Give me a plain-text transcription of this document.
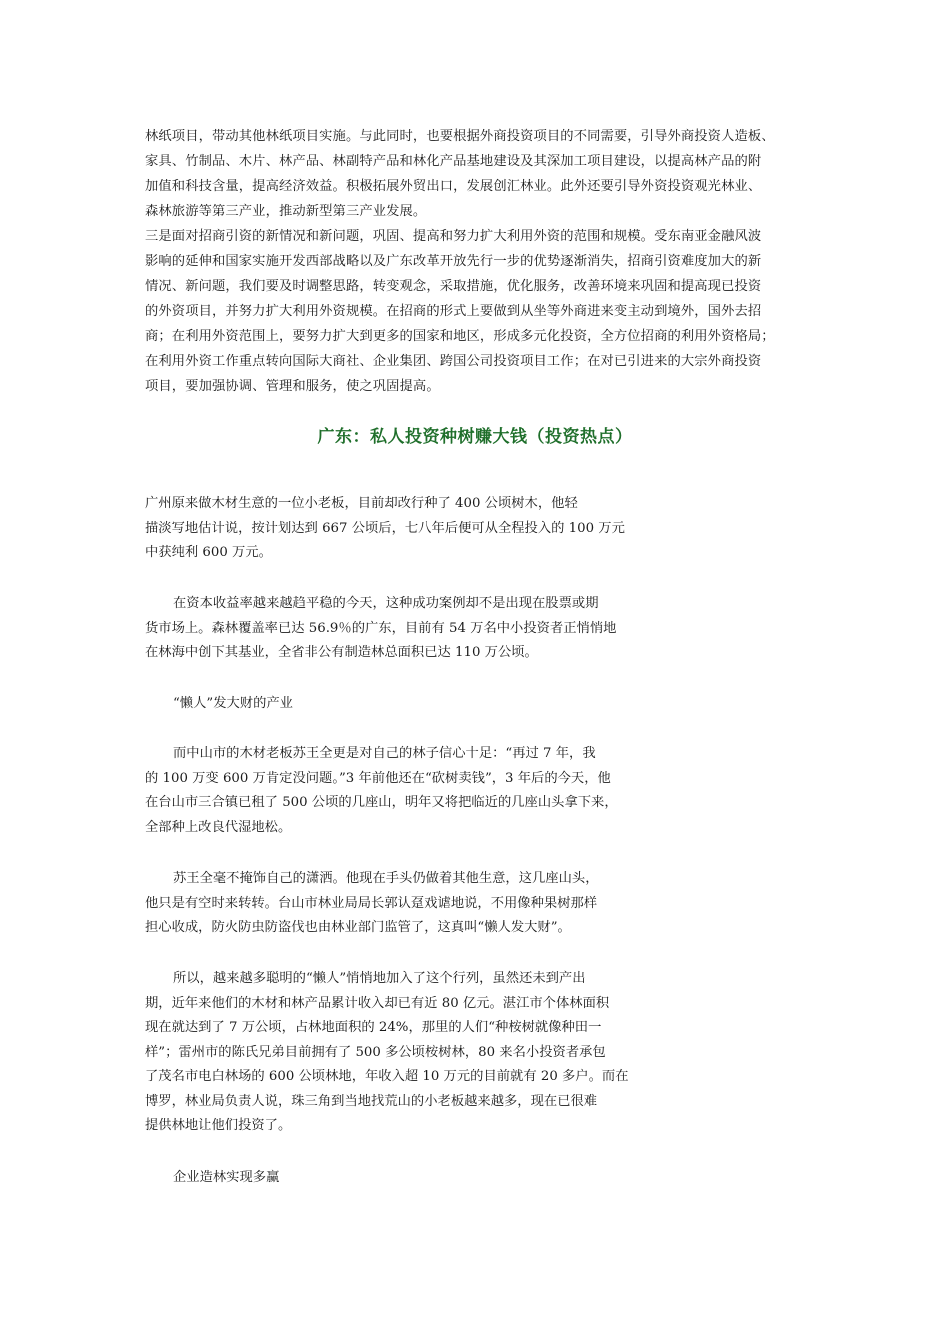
林纸项目，带动其他林纸项目实施。与此同时，也要根据外商投资项目的不同需要，引导外商投资人造板、
家具、竹制品、木片、林产品、林副特产品和林化产品基地建设及其深加工项目建设，以提高林产品的附
加值和科技含量，提高经济效益。积极拓展外贸出口，发展创汇林业。此外还要引导外资投资观光林业、
森林旅游等第三产业，推动新型第三产业发展。
三是面对招商引资的新情况和新问题，巩固、提高和努力扩大利用外资的范围和规模。受东南亚金融风波
影响的延伸和国家实施开发西部战略以及广东改革开放先行一步的优势逐渐消失，招商引资难度加大的新
情况、新问题，我们要及时调整思路，转变观念，采取措施，优化服务，改善环境来巩固和提高现已投资
的外资项目，并努力扩大利用外资规模。在招商的形式上要做到从坐等外商进来变主动到境外，国外去招
商；在利用外资范围上，要努力扩大到更多的国家和地区，形成多元化投资，全方位招商的利用外资格局；
在利用外资工作重点转向国际大商社、企业集团、跨国公司投资项目工作；在对已引进来的大宗外商投资
项目，要加强协调、管理和服务，使之巩固提高。
广东：私人投资种树赚大钱（投资热点）
广州原来做木材生意的一位小老板，目前却改行种了 400 公顷树木，他轻
描淡写地估计说，按计划达到 667 公顷后，七八年后便可从全程投入的 100 万元
中获纯利 600 万元。
在资本收益率越来越趋平稳的今天，这种成功案例却不是出现在股票或期
货市场上。森林覆盖率已达 56.9％的广东，目前有 54 万名中小投资者正悄悄地
在林海中创下其基业，全省非公有制造林总面积已达 110 万公顷。
“懒人”发大财的产业
而中山市的木材老板苏王全更是对自己的林子信心十足：“再过 7 年，我
的 100 万变 600 万肯定没问题。”3 年前他还在“砍树卖钱”，3 年后的今天，他
在台山市三合镇已租了 500 公顷的几座山，明年又将把临近的几座山头拿下来，
全部种上改良代湿地松。
苏王全毫不掩饰自己的潇洒。他现在手头仍做着其他生意，这几座山头，
他只是有空时来转转。台山市林业局局长郭认趸戏谑地说，不用像种果树那样
担心收成，防火防虫防盗伐也由林业部门监管了，这真叫“懒人发大财”。
所以，越来越多聪明的“懒人”悄悄地加入了这个行列，虽然还未到产出
期，近年来他们的木材和林产品累计收入却已有近 80 亿元。湛江市个体林面积
现在就达到了 7 万公顷，占林地面积的 24%，那里的人们“种桉树就像种田一
样”；雷州市的陈氏兄弟目前拥有了 500 多公顷桉树林，80 来名小投资者承包
了茂名市电白林场的 600 公顷林地，年收入超 10 万元的目前就有 20 多户。而在
博罗，林业局负责人说，珠三角到当地找荒山的小老板越来越多，现在已很难
提供林地让他们投资了。
企业造林实现多赢
